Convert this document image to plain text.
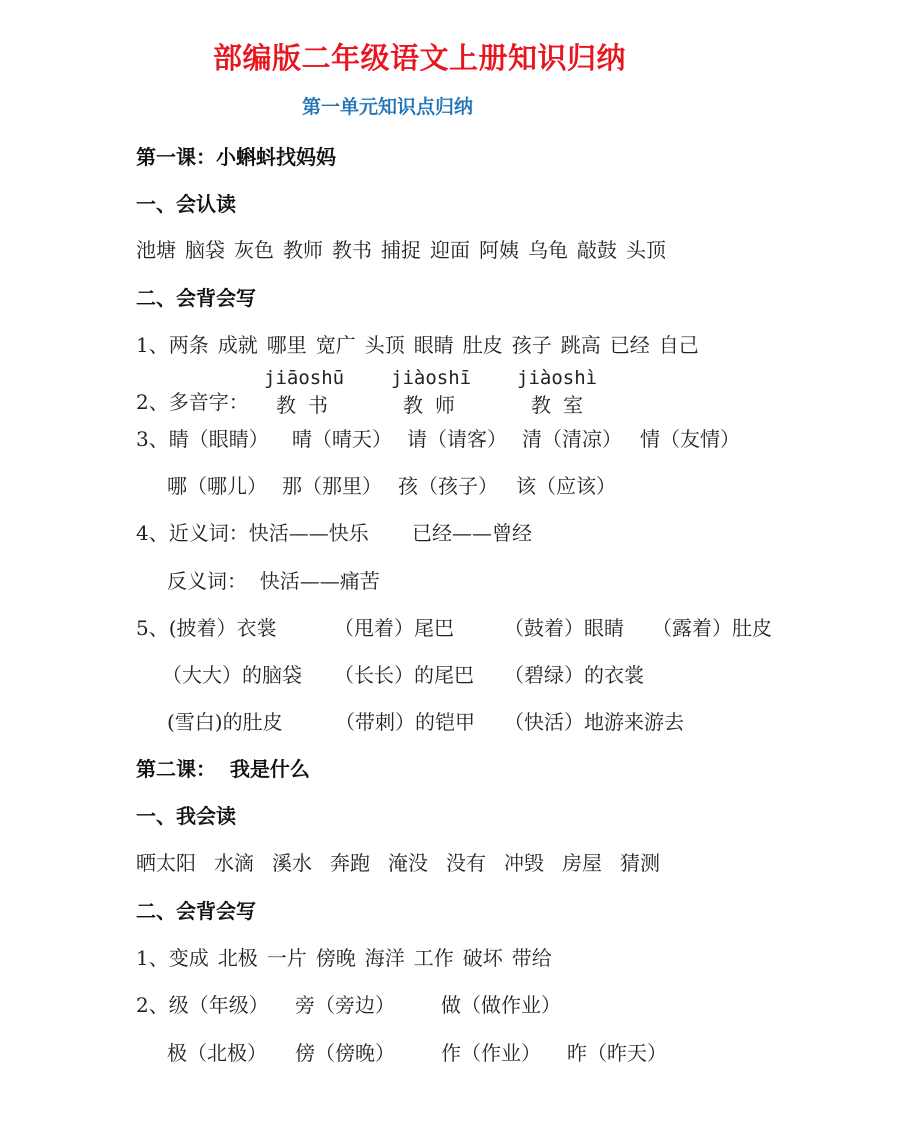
部编版二年级语文上册知识归纳
第一单元知识点归纳
第一课：小蝌蚪找妈妈
一、会认读
池塘 脑袋 灰色 教师 教书 捕捉 迎面 阿姨 乌龟 敲鼓 头顶
二、会背会写
1、两条 成就 哪里 宽广 头顶 眼睛 肚皮 孩子 跳高 已经 自己
2、多音字：
jiāoshū
教书
jiàoshī
教师
jiàoshì
教室
3、睛（眼睛） 晴（晴天） 请（请客） 清（清凉） 情（友情）
哪（哪儿） 那（那里） 孩（孩子） 该（应该）
4、近义词：快活——快乐 已经——曾经
反义词：  快活——痛苦
5、(披着）衣裳	（甩着）尾巴	（鼓着）眼睛 （露着）肚皮
（大大）的脑袋 （长长）的尾巴 （碧绿）的衣裳
(雪白)的肚皮	（带刺）的铠甲 （快活）地游来游去
第二课：  我是什么
一、我会读
晒太阳 水滴 溪水 奔跑 淹没 没有 冲毁 房屋 猜测
二、会背会写
1、变成 北极 一片 傍晚 海洋 工作 破坏 带给
2、级（年级） 旁（旁边） 做（做作业）
极（北极） 傍（傍晚） 作（作业） 昨（昨天）
